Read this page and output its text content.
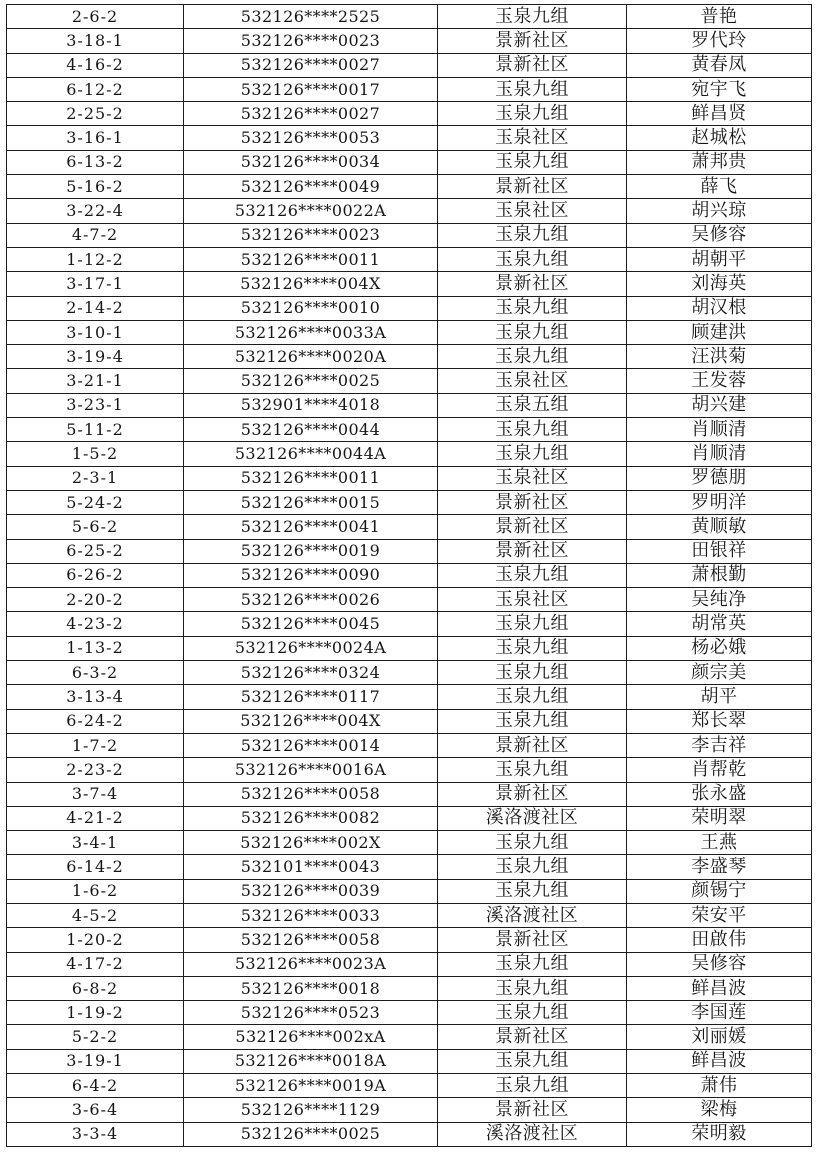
2-6-2	532126****2525	玉泉九组	普艳
3-18-1	532126****0023	景新社区	罗代玲
4-16-2	532126****0027	景新社区	黄春凤
6-12-2	532126****0017	玉泉九组	宛宇飞
2-25-2	532126****0027	玉泉九组	鲜昌贤
3-16-1	532126****0053	玉泉社区	赵城松
6-13-2	532126****0034	玉泉九组	萧邦贵
5-16-2	532126****0049	景新社区	薛飞
3-22-4	532126****0022A	玉泉社区	胡兴琼
4-7-2	532126****0023	玉泉九组	吴修容
1-12-2	532126****0011	玉泉九组	胡朝平
3-17-1	532126****004X	景新社区	刘海英
2-14-2	532126****0010	玉泉九组	胡汉根
3-10-1	532126****0033A	玉泉九组	顾建洪
3-19-4	532126****0020A	玉泉九组	汪洪菊
3-21-1	532126****0025	玉泉社区	王发蓉
3-23-1	532901****4018	玉泉五组	胡兴建
5-11-2	532126****0044	玉泉九组	肖顺清
1-5-2	532126****0044A	玉泉九组	肖顺清
2-3-1	532126****0011	玉泉社区	罗德朋
5-24-2	532126****0015	景新社区	罗明洋
5-6-2	532126****0041	景新社区	黄顺敏
6-25-2	532126****0019	景新社区	田银祥
6-26-2	532126****0090	玉泉九组	萧根勤
2-20-2	532126****0026	玉泉社区	吴纯净
4-23-2	532126****0045	玉泉九组	胡常英
1-13-2	532126****0024A	玉泉九组	杨必娥
6-3-2	532126****0324	玉泉九组	颜宗美
3-13-4	532126****0117	玉泉九组	胡平
6-24-2	532126****004X	玉泉九组	郑长翠
1-7-2	532126****0014	景新社区	李吉祥
2-23-2	532126****0016A	玉泉九组	肖帮乾
3-7-4	532126****0058	景新社区	张永盛
4-21-2	532126****0082	溪洛渡社区	荣明翠
3-4-1	532126****002X	玉泉九组	王燕
6-14-2	532101****0043	玉泉九组	李盛琴
1-6-2	532126****0039	玉泉九组	颜锡宁
4-5-2	532126****0033	溪洛渡社区	荣安平
1-20-2	532126****0058	景新社区	田啟伟
4-17-2	532126****0023A	玉泉九组	吴修容
6-8-2	532126****0018	玉泉九组	鲜昌波
1-19-2	532126****0523	玉泉九组	李国莲
5-2-2	532126****002xA	景新社区	刘丽媛
3-19-1	532126****0018A	玉泉九组	鲜昌波
6-4-2	532126****0019A	玉泉九组	萧伟
3-6-4	532126****1129	景新社区	梁梅
3-3-4	532126****0025	溪洛渡社区	荣明毅
